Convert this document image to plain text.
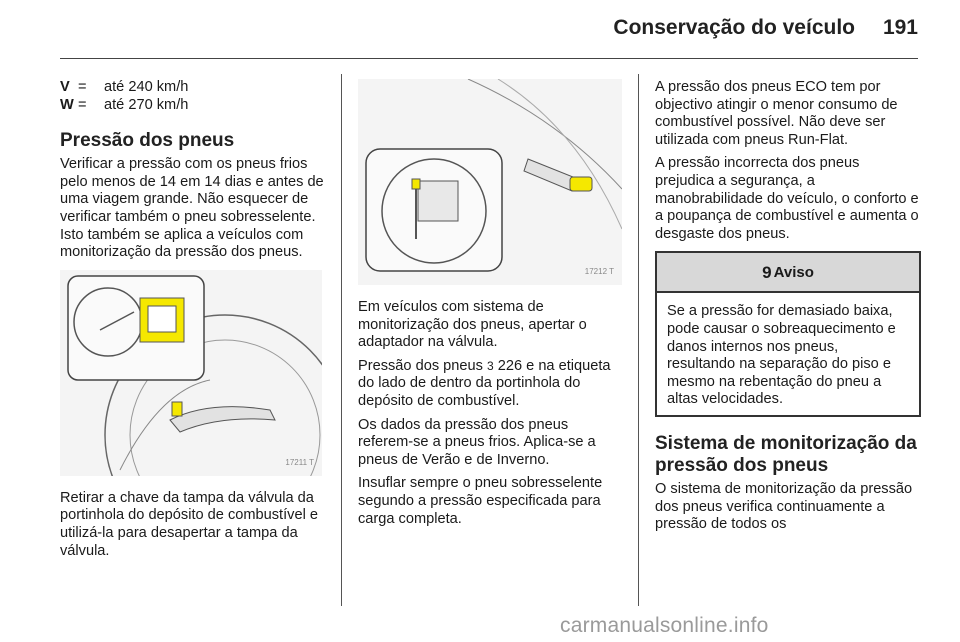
Conservação do veículo 191
V =	até 240 km/h
W =	até 270 km/h
Pressão dos pneus

Verificar a pressão com os pneus frios pelo menos de 14 em 14 dias e antes de uma viagem grande. Não esquecer de verificar também o pneu sobresselente. Isto também se aplica a veículos com monitorização da pressão dos pneus.

17211 T

Retirar a chave da tampa da válvula da portinhola do depósito de combustível e utilizá-la para desapertar a tampa da válvula.

17212 T

Em veículos com sistema de monitorização dos pneus, apertar o adaptador na válvula.

Pressão dos pneus 3 226 e na etiqueta do lado de dentro da portinhola do depósito de combustível.

Os dados da pressão dos pneus referem-se a pneus frios. Aplica-se a pneus de Verão e de Inverno.

Insuflar sempre o pneu sobresselente segundo a pressão especificada para carga completa.

A pressão dos pneus ECO tem por objectivo atingir o menor consumo de combustível possível. Não deve ser utilizada com pneus Run-Flat.

A pressão incorrecta dos pneus prejudica a segurança, a manobrabilidade do veículo, o conforto e a poupança de combustível e aumenta o desgaste dos pneus.

9 Aviso
Se a pressão for demasiado baixa, pode causar o sobreaquecimento e danos internos nos pneus, resultando na separação do piso e mesmo na rebentação do pneu a altas velocidades.
Sistema de monitorização da pressão dos pneus

O sistema de monitorização da pressão dos pneus verifica continuamente a pressão de todos os

carmanualsonline.info
